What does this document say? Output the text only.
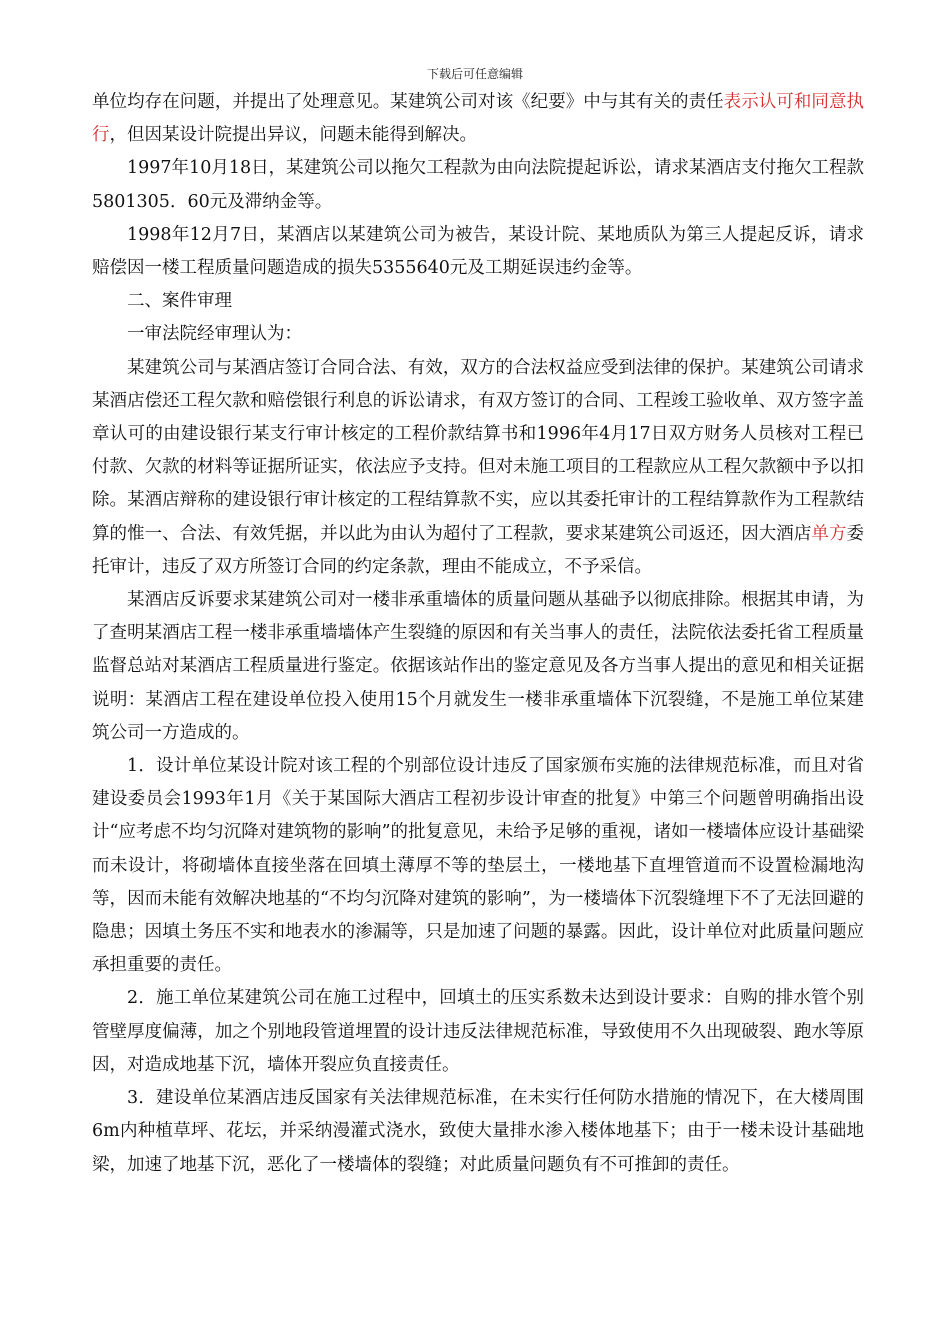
下载后可任意编辑

单位均存在问题，并提出了处理意见。某建筑公司对该《纪要》中与其有关的责任表示认可和同意执行，但因某设计院提出异议，问题未能得到解决。

1997年10月18日，某建筑公司以拖欠工程款为由向法院提起诉讼，请求某酒店支付拖欠工程款5801305．60元及滞纳金等。

1998年12月7日，某酒店以某建筑公司为被告，某设计院、某地质队为第三人提起反诉，请求赔偿因一楼工程质量问题造成的损失5355640元及工期延误违约金等。

二、案件审理

一审法院经审理认为：

某建筑公司与某酒店签订合同合法、有效，双方的合法权益应受到法律的保护。某建筑公司请求某酒店偿还工程欠款和赔偿银行利息的诉讼请求，有双方签订的合同、工程竣工验收单、双方签字盖章认可的由建设银行某支行审计核定的工程价款结算书和1996年4月17日双方财务人员核对工程已付款、欠款的材料等证据所证实，依法应予支持。但对未施工项目的工程款应从工程欠款额中予以扣除。某酒店辩称的建设银行审计核定的工程结算款不实，应以其委托审计的工程结算款作为工程款结算的惟一、合法、有效凭据，并以此为由认为超付了工程款，要求某建筑公司返还，因大酒店单方委托审计，违反了双方所签订合同的约定条款，理由不能成立，不予采信。

某酒店反诉要求某建筑公司对一楼非承重墙体的质量问题从基础予以彻底排除。根据其申请，为了查明某酒店工程一楼非承重墙墙体产生裂缝的原因和有关当事人的责任，法院依法委托省工程质量监督总站对某酒店工程质量进行鉴定。依据该站作出的鉴定意见及各方当事人提出的意见和相关证据说明：某酒店工程在建设单位投入使用15个月就发生一楼非承重墙体下沉裂缝，不是施工单位某建筑公司一方造成的。

1．设计单位某设计院对该工程的个别部位设计违反了国家颁布实施的法律规范标准，而且对省建设委员会1993年1月《关于某国际大酒店工程初步设计审查的批复》中第三个问题曾明确指出设计“应考虑不均匀沉降对建筑物的影响”的批复意见，未给予足够的重视，诸如一楼墙体应设计基础梁而未设计，将砌墙体直接坐落在回填土薄厚不等的垫层土，一楼地基下直埋管道而不设置检漏地沟等，因而未能有效解决地基的“不均匀沉降对建筑的影响”，为一楼墙体下沉裂缝埋下不了无法回避的隐患；因填土务压不实和地表水的渗漏等，只是加速了问题的暴露。因此，设计单位对此质量问题应承担重要的责任。

2．施工单位某建筑公司在施工过程中，回填土的压实系数未达到设计要求：自购的排水管个别管壁厚度偏薄，加之个别地段管道埋置的设计违反法律规范标准，导致使用不久出现破裂、跑水等原因，对造成地基下沉，墙体开裂应负直接责任。

3．建设单位某酒店违反国家有关法律规范标准，在未实行任何防水措施的情况下，在大楼周围6m内种植草坪、花坛，并采纳漫灌式浇水，致使大量排水渗入楼体地基下；由于一楼未设计基础地梁，加速了地基下沉，恶化了一楼墙体的裂缝；对此质量问题负有不可推卸的责任。
